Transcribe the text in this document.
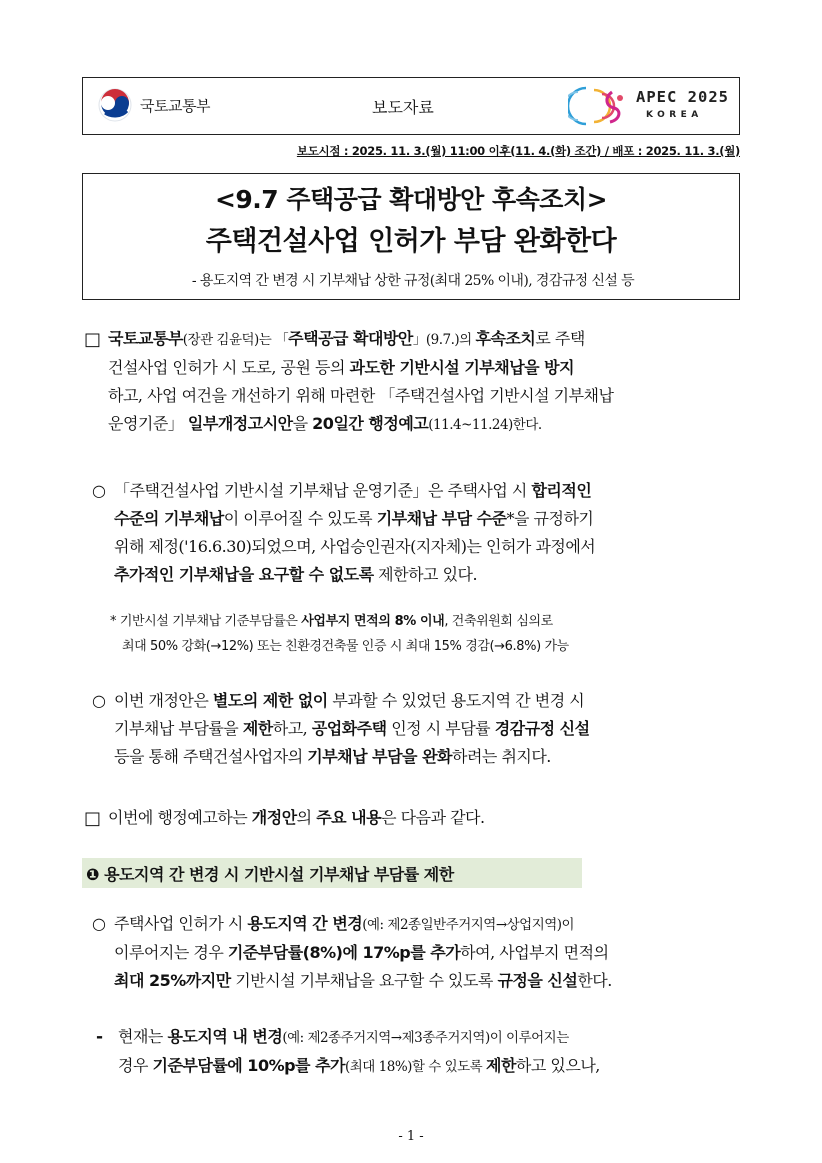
국토교통부	보도자료
APEC 2025
KOREA
보도시점 : 2025. 11. 3.(월) 11:00 이후(11. 4.(화) 조간) / 배포 : 2025. 11. 3.(월)
<9.7 주택공급 확대방안 후속조치>
주택건설사업 인허가 부담 완화한다
- 용도지역 간 변경 시 기부채납 상한 규정(최대 25% 이내), 경감규정 신설 등
□ 국토교통부(장관 김윤덕)는 「주택공급 확대방안」(9.7.)의 후속조치로 주택
건설사업 인허가 시 도로, 공원 등의 과도한 기반시설 기부채납을 방지
하고, 사업 여건을 개선하기 위해 마련한 「주택건설사업 기반시설 기부채납
운영기준」 일부개정고시안을 20일간 행정예고(11.4~11.24)한다.
○ 「주택건설사업 기반시설 기부채납 운영기준」은 주택사업 시 합리적인
수준의 기부채납이 이루어질 수 있도록 기부채납 부담 수준*을 규정하기
위해 제정('16.6.30)되었으며, 사업승인권자(지자체)는 인허가 과정에서
추가적인 기부채납을 요구할 수 없도록 제한하고 있다.
* 기반시설 기부채납 기준부담률은 사업부지 면적의 8% 이내, 건축위원회 심의로
최대 50% 강화(→12%) 또는 친환경건축물 인증 시 최대 15% 경감(→6.8%) 가능
○ 이번 개정안은 별도의 제한 없이 부과할 수 있었던 용도지역 간 변경 시
기부채납 부담률을 제한하고, 공업화주택 인정 시 부담률 경감규정 신설
등을 통해 주택건설사업자의 기부채납 부담을 완화하려는 취지다.
□ 이번에 행정예고하는 개정안의 주요 내용은 다음과 같다.
❶ 용도지역 간 변경 시 기반시설 기부채납 부담률 제한
○ 주택사업 인허가 시 용도지역 간 변경(예: 제2종일반주거지역→상업지역)이
이루어지는 경우 기준부담률(8%)에 17%p를 추가하여, 사업부지 면적의
최대 25%까지만 기반시설 기부채납을 요구할 수 있도록 규정을 신설한다.
- 현재는 용도지역 내 변경(예: 제2종주거지역→제3종주거지역)이 이루어지는
경우 기준부담률에 10%p를 추가(최대 18%)할 수 있도록 제한하고 있으나,
- 1 -
